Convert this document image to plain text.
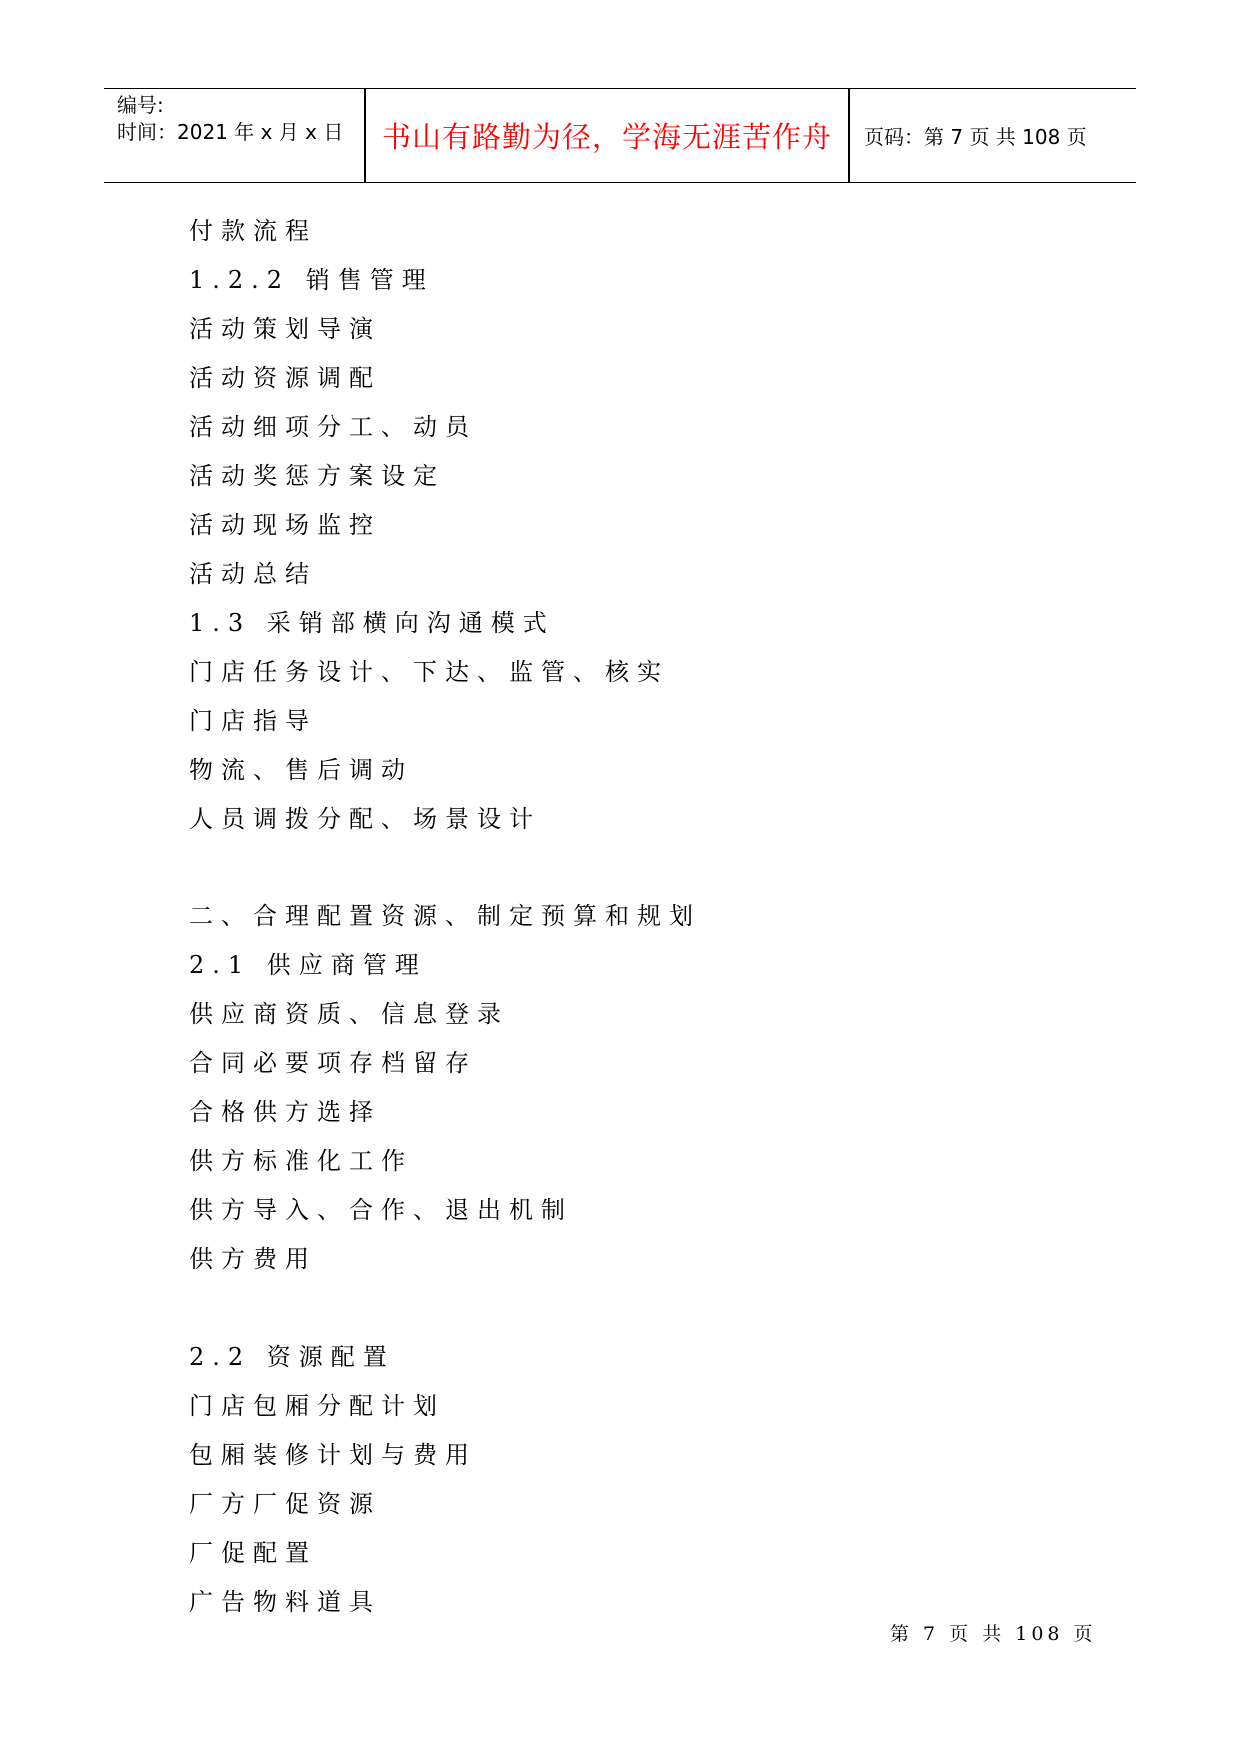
编号:
时间：2021 年 x 月 x 日	书山有路勤为径，学海无涯苦作舟	页码：第 7 页 共 108 页
付款流程
1.2.2 销售管理
活动策划导演
活动资源调配
活动细项分工、动员
活动奖惩方案设定
活动现场监控
活动总结
1.3 采销部横向沟通模式
门店任务设计、下达、监管、核实
门店指导
物流、售后调动
人员调拨分配、场景设计
二、合理配置资源、制定预算和规划
2.1 供应商管理
供应商资质、信息登录
合同必要项存档留存
合格供方选择
供方标准化工作
供方导入、合作、退出机制
供方费用
2.2 资源配置
门店包厢分配计划
包厢装修计划与费用
厂方厂促资源
厂促配置
广告物料道具
第 7 页 共 108 页
